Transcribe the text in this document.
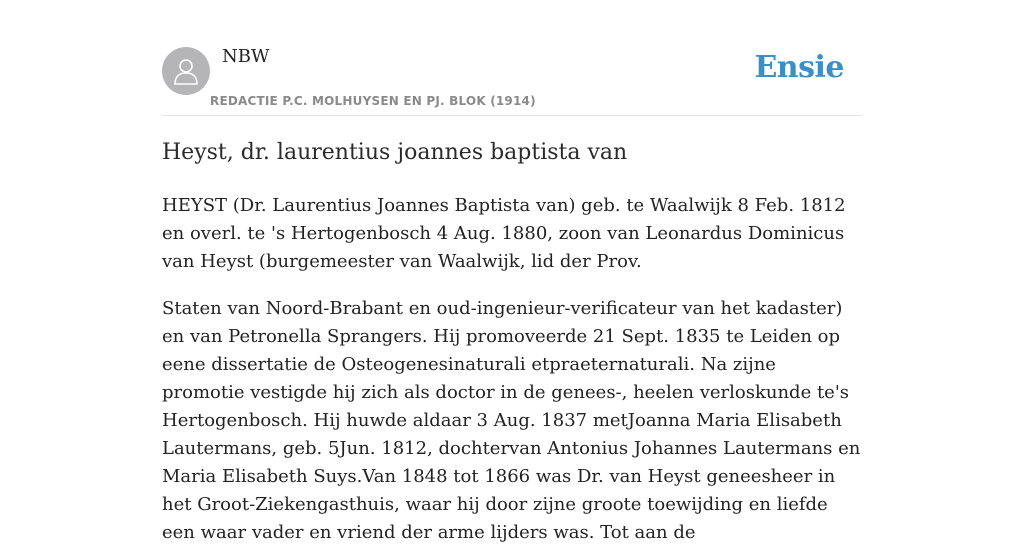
NBW

REDACTIE P.C. MOLHUYSEN EN PJ. BLOK (1914)

Ensie
Heyst, dr. laurentius joannes baptista van

HEYST (Dr. Laurentius Joannes Baptista van) geb. te Waalwijk 8 Feb. 1812 en overl. te 's Hertogenbosch 4 Aug. 1880, zoon van Leonardus Dominicus van Heyst (burgemeester van Waalwijk, lid der Prov.

Staten van Noord-Brabant en oud-ingenieur-verificateur van het kadaster) en van Petronella Sprangers. Hij promoveerde 21 Sept. 1835 te Leiden op eene dissertatie de Osteogenesinaturali etpraeternaturali. Na zijne promotie vestigde hij zich als doctor in de genees-, heelen verloskunde te's Hertogenbosch. Hij huwde aldaar 3 Aug. 1837 metJoanna Maria Elisabeth Lautermans, geb. 5Jun. 1812, dochtervan Antonius Johannes Lautermans en Maria Elisabeth Suys.Van 1848 tot 1866 was Dr. van Heyst geneesheer in het Groot-Ziekengasthuis, waar hij door zijne groote toewijding en liefde een waar vader en vriend der arme lijders was. Tot aan de
